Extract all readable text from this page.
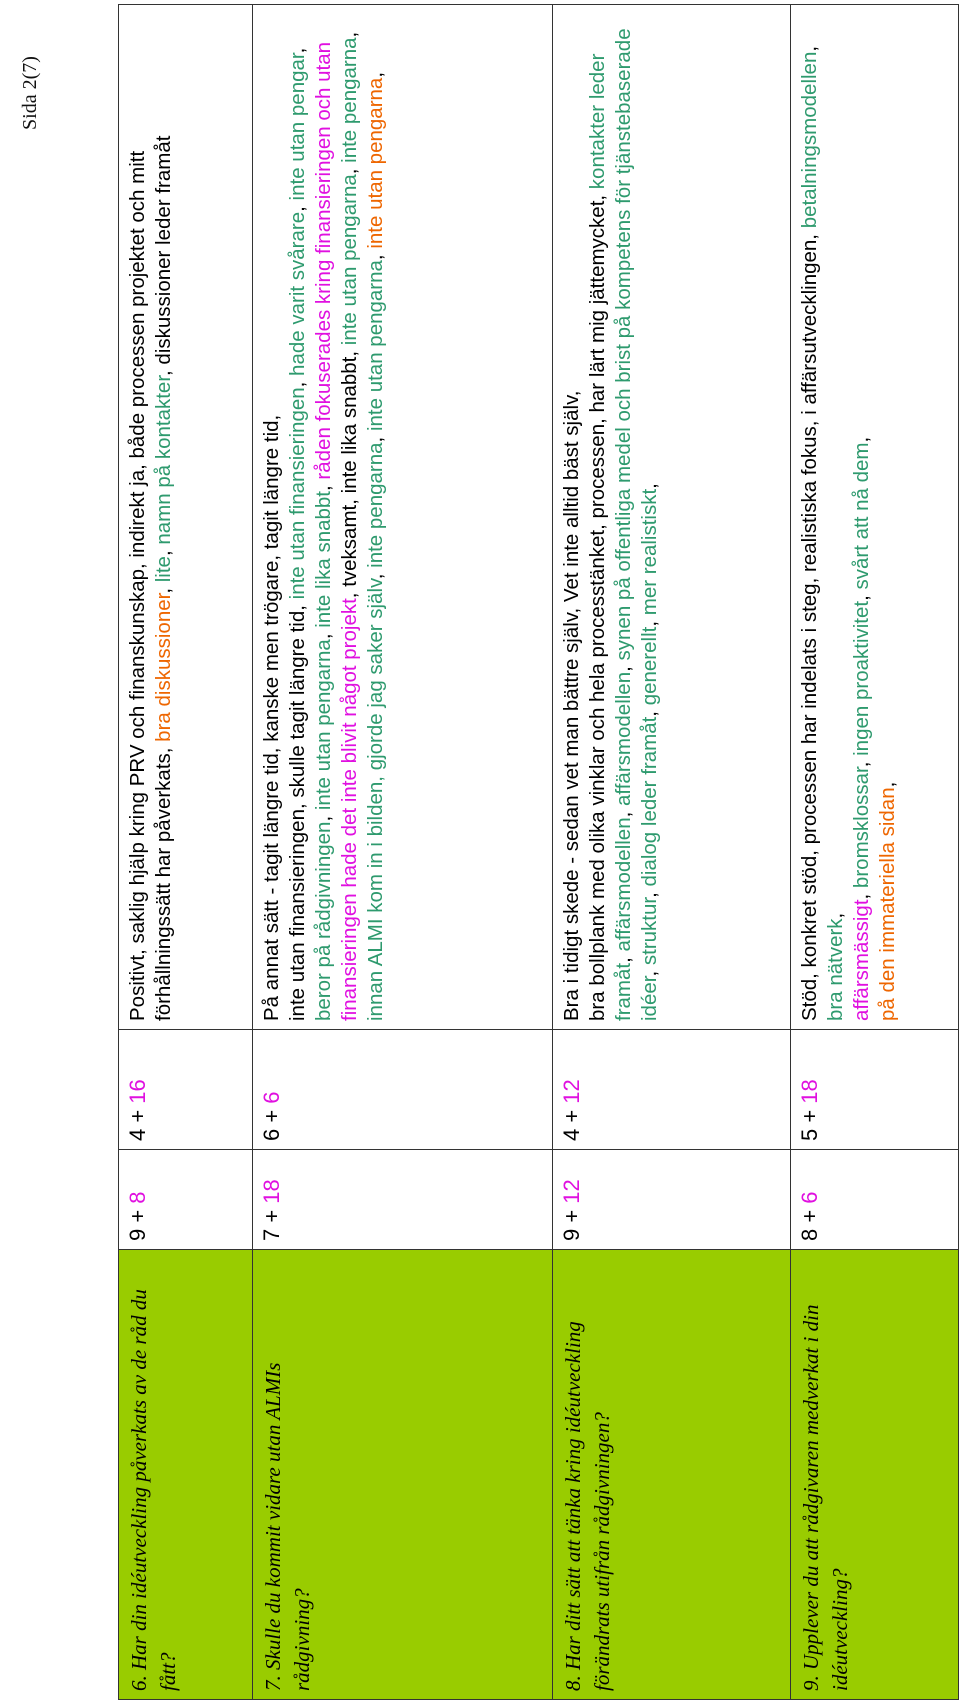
Sida 2(7)
6. Har din idéutveckling påverkats av de råd du fått?	9 + 8	4 + 16	Positivt, saklig hjälp kring PRV och finanskunskap, indirekt ja, både processen projektet och mitt förhållningssätt har påverkats, bra diskussioner, lite, namn på kontakter, diskussioner leder framåt

7. Skulle du kommit vidare utan ALMIs rådgivning?	7 + 18	6 + 6	På annat sätt - tagit längre tid, kanske men trögare, tagit längre tid, inte utan finansieringen, skulle tagit längre tid, inte utan finansieringen, hade varit svårare, inte utan pengar, beror på rådgivningen, inte utan pengarna, inte lika snabbt, råden fokuserades kring finansieringen och utan finansieringen hade det inte blivit något projekt, tveksamt, inte lika snabbt, inte utan pengarna, inte pengarna, innan ALMI kom in i bilden, gjorde jag saker själv, inte pengarna, inte utan pengarna, inte utan pengarna,

8. Har ditt sätt att tänka kring idéutveckling förändrats utifrån rådgivningen?	9 + 12	4 + 12	Bra i tidigt skede - sedan vet man bättre själv, Vet inte alltid bäst själv, bra bollplank med olika vinklar och hela processtänket, processen, har lärt mig jättemycket, kontakter leder framåt, affärsmodellen, affärsmodellen, synen på offentliga medel och brist på kompetens för tjänstebaserade idéer, struktur, dialog leder framåt, generellt, mer realistiskt,

9. Upplever du att rådgivaren medverkat i din idéutveckling?	8 + 6	5 + 18	Stöd, konkret stöd, processen har indelats i steg, realistiska fokus, i affärsutvecklingen, betalningsmodellen, bra nätverk, affärsmässigt, bromsklossar, ingen proaktivitet, svårt att nå dem,
på den immateriella sidan,
